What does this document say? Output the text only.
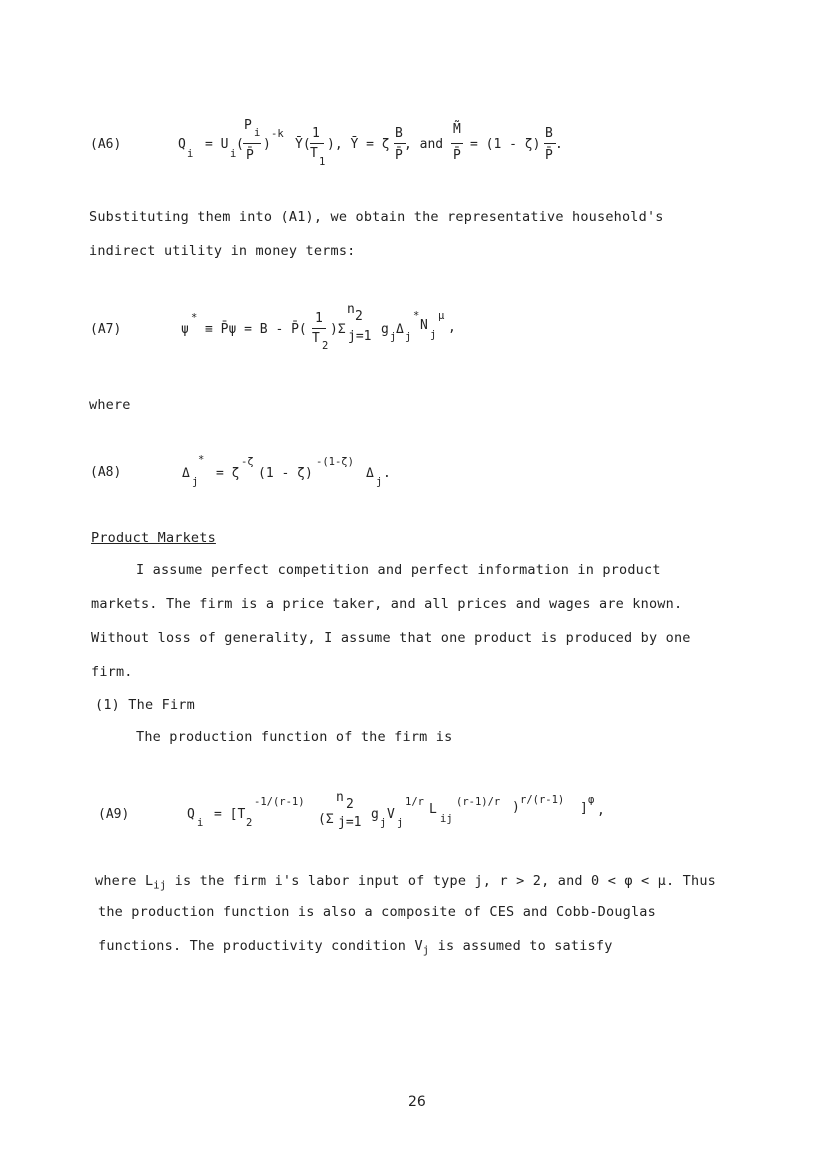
(A6)	Q
i
= U
i
(
P i
P̄
)
-k
Ȳ(
1
T
1
), Ȳ = ζ
B
P̄
, and
M̃
P̄
= (1 - ζ)
B
P̄
.
Substituting them into (A1), we obtain the representative household's
indirect utility in money terms:
(A7)	ψ
*
≡ P̄ψ = B - P̄(
1
T 2
)Σ
n 2
j=1 g j Δ j
*
N
j
μ
,
where
(A8)	Δ
j
*
= ζ
-ζ
(1 - ζ)
-(1-ζ)
Δ
j
.
Product Markets
I assume perfect competition and perfect information in product
markets. The firm is a price taker, and all prices and wages are known.
Without loss of generality, I assume that one product is produced by one
firm.
(1) The Firm
The production function of the firm is
(A9)	Q
i
= [T
2
-1/(r-1)
(Σ
n 2
j=1
g
j
V
j
1/r L
ij
(r-1)/r ) r/(r-1)
]
φ
,
where $L_{ij}$ is the firm i's labor input of type j, r > 2, and 0 < φ < μ. Thus
the production function is also a composite of CES and Cobb-Douglas
functions. The productivity condition $V_j$ is assumed to satisfy
26
